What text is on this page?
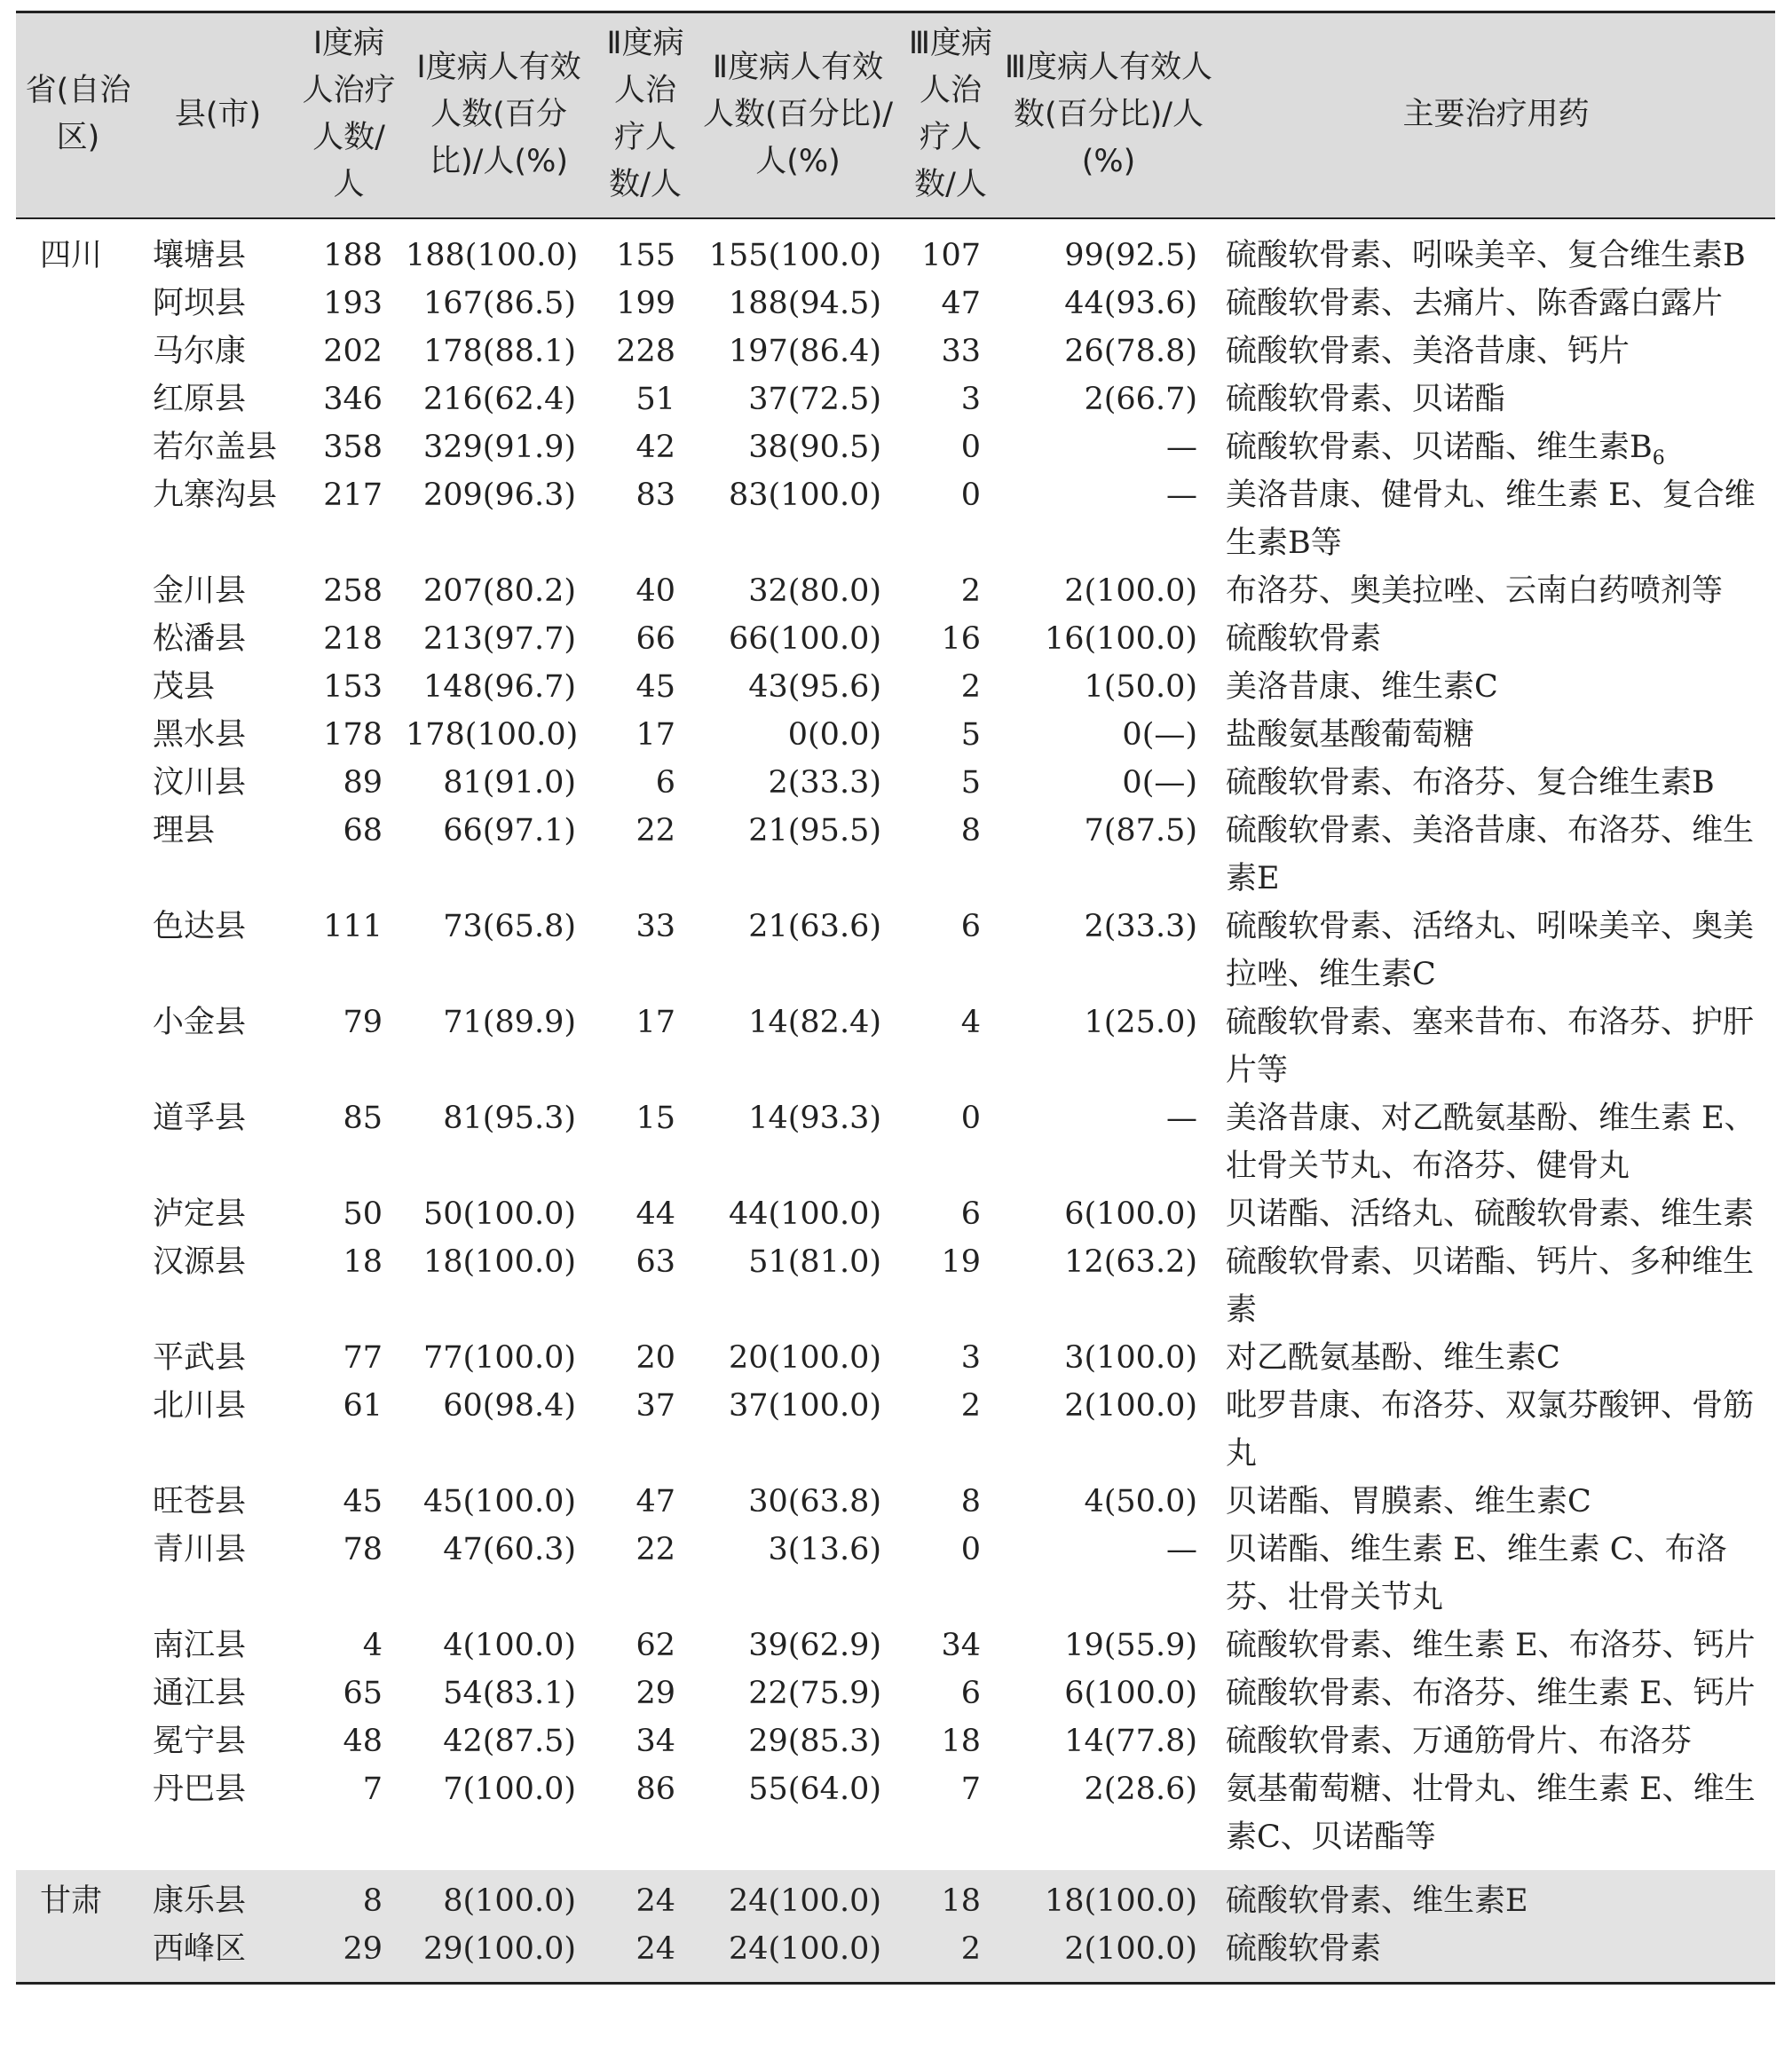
省(自治区)	县(市)	Ⅰ度病人治疗人数/人	Ⅰ度病人有效人数(百分比)/人(%)	Ⅱ度病人治疗人数/人	Ⅱ度病人有效人数(百分比)/人(%)	Ⅲ度病人治疗人数/人	Ⅲ度病人有效人数(百分比)/人(%)	主要治疗用药
四川	壤塘县	188	188(100.0)	155	155(100.0)	107	99(92.5)	硫酸软骨素、吲哚美辛、复合维生素B
	阿坝县	193	167(86.5)	199	188(94.5)	47	44(93.6)	硫酸软骨素、去痛片、陈香露白露片
	马尔康	202	178(88.1)	228	197(86.4)	33	26(78.8)	硫酸软骨素、美洛昔康、钙片
	红原县	346	216(62.4)	51	37(72.5)	3	2(66.7)	硫酸软骨素、贝诺酯
	若尔盖县	358	329(91.9)	42	38(90.5)	0	—	硫酸软骨素、贝诺酯、维生素$B_6$
	九寨沟县	217	209(96.3)	83	83(100.0)	0	—	美洛昔康、健骨丸、维生素 E、复合维生素B等
	金川县	258	207(80.2)	40	32(80.0)	2	2(100.0)	布洛芬、奥美拉唑、云南白药喷剂等
	松潘县	218	213(97.7)	66	66(100.0)	16	16(100.0)	硫酸软骨素
	茂县	153	148(96.7)	45	43(95.6)	2	1(50.0)	美洛昔康、维生素C
	黑水县	178	178(100.0)	17	0(0.0)	5	0(—)	盐酸氨基酸葡萄糖
	汶川县	89	81(91.0)	6	2(33.3)	5	0(—)	硫酸软骨素、布洛芬、复合维生素B
	理县	68	66(97.1)	22	21(95.5)	8	7(87.5)	硫酸软骨素、美洛昔康、布洛芬、维生素E
	色达县	111	73(65.8)	33	21(63.6)	6	2(33.3)	硫酸软骨素、活络丸、吲哚美辛、奥美拉唑、维生素C
	小金县	79	71(89.9)	17	14(82.4)	4	1(25.0)	硫酸软骨素、塞来昔布、布洛芬、护肝片等
	道孚县	85	81(95.3)	15	14(93.3)	0	—	美洛昔康、对乙酰氨基酚、维生素 E、壮骨关节丸、布洛芬、健骨丸
	泸定县	50	50(100.0)	44	44(100.0)	6	6(100.0)	贝诺酯、活络丸、硫酸软骨素、维生素
	汉源县	18	18(100.0)	63	51(81.0)	19	12(63.2)	硫酸软骨素、贝诺酯、钙片、多种维生素
	平武县	77	77(100.0)	20	20(100.0)	3	3(100.0)	对乙酰氨基酚、维生素C
	北川县	61	60(98.4)	37	37(100.0)	2	2(100.0)	吡罗昔康、布洛芬、双氯芬酸钾、骨筋丸
	旺苍县	45	45(100.0)	47	30(63.8)	8	4(50.0)	贝诺酯、胃膜素、维生素C
	青川县	78	47(60.3)	22	3(13.6)	0	—	贝诺酯、维生素 E、维生素 C、布洛芬、壮骨关节丸
	南江县	4	4(100.0)	62	39(62.9)	34	19(55.9)	硫酸软骨素、维生素 E、布洛芬、钙片
	通江县	65	54(83.1)	29	22(75.9)	6	6(100.0)	硫酸软骨素、布洛芬、维生素 E、钙片
	冕宁县	48	42(87.5)	34	29(85.3)	18	14(77.8)	硫酸软骨素、万通筋骨片、布洛芬
	丹巴县	7	7(100.0)	86	55(64.0)	7	2(28.6)	氨基葡萄糖、壮骨丸、维生素 E、维生素C、贝诺酯等
甘肃	康乐县	8	8(100.0)	24	24(100.0)	18	18(100.0)	硫酸软骨素、维生素E
	西峰区	29	29(100.0)	24	24(100.0)	2	2(100.0)	硫酸软骨素
